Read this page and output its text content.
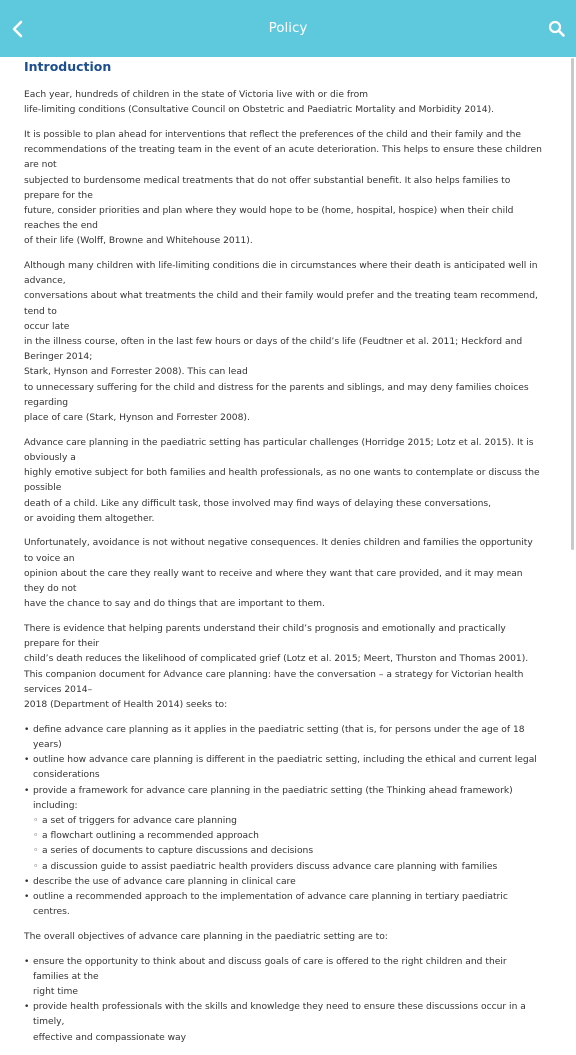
Policy
Introduction

Each year, hundreds of children in the state of Victoria live with or die from
life-limiting conditions (Consultative Council on Obstetric and Paediatric Mortality and Morbidity 2014).

It is possible to plan ahead for interventions that reflect the preferences of the child and their family and the
recommendations of the treating team in the event of an acute deterioration. This helps to ensure these children are not
subjected to burdensome medical treatments that do not offer substantial benefit. It also helps families to prepare for the
future, consider priorities and plan where they would hope to be (home, hospital, hospice) when their child reaches the end
of their life (Wolff, Browne and Whitehouse 2011).

Although many children with life-limiting conditions die in circumstances where their death is anticipated well in advance,
conversations about what treatments the child and their family would prefer and the treating team recommend, tend to
occur late
in the illness course, often in the last few hours or days of the child’s life (Feudtner et al. 2011; Heckford and Beringer 2014;
Stark, Hynson and Forrester 2008). This can lead
to unnecessary suffering for the child and distress for the parents and siblings, and may deny families choices regarding
place of care (Stark, Hynson and Forrester 2008).

Advance care planning in the paediatric setting has particular challenges (Horridge 2015; Lotz et al. 2015). It is obviously a
highly emotive subject for both families and health professionals, as no one wants to contemplate or discuss the possible
death of a child. Like any difficult task, those involved may find ways of delaying these conversations,
or avoiding them altogether.

Unfortunately, avoidance is not without negative consequences. It denies children and families the opportunity to voice an
opinion about the care they really want to receive and where they want that care provided, and it may mean they do not
have the chance to say and do things that are important to them.

There is evidence that helping parents understand their child’s prognosis and emotionally and practically prepare for their
child’s death reduces the likelihood of complicated grief (Lotz et al. 2015; Meert, Thurston and Thomas 2001).
This companion document for Advance care planning: have the conversation – a strategy for Victorian health services 2014–
2018 (Department of Health 2014) seeks to:

• define advance care planning as it applies in the paediatric setting (that is, for persons under the age of 18 years)
• outline how advance care planning is different in the paediatric setting, including the ethical and current legal
considerations
• provide a framework for advance care planning in the paediatric setting (the Thinking ahead framework) including:
◦ a set of triggers for advance care planning
◦ a flowchart outlining a recommended approach
◦ a series of documents to capture discussions and decisions
◦ a discussion guide to assist paediatric health providers discuss advance care planning with families
• describe the use of advance care planning in clinical care
• outline a recommended approach to the implementation of advance care planning in tertiary paediatric centres.

The overall objectives of advance care planning in the paediatric setting are to:

• ensure the opportunity to think about and discuss goals of care is offered to the right children and their families at the
right time
• provide health professionals with the skills and knowledge they need to ensure these discussions occur in a timely,
effective and compassionate way
